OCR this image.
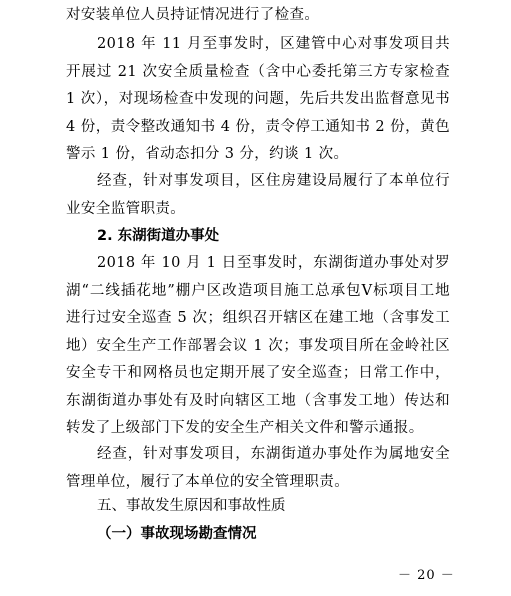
对安装单位人员持证情况进行了检查。

2018 年 11 月至事发时，区建管中心对事发项目共开展过 21 次安全质量检查（含中心委托第三方专家检查 1 次），对现场检查中发现的问题，先后共发出监督意见书 4 份，责令整改通知书 4 份，责令停工通知书 2 份，黄色警示 1 份，省动态扣分 3 分，约谈 1 次。

经查，针对事发项目，区住房建设局履行了本单位行业安全监管职责。

2. 东湖街道办事处

2018 年 10 月 1 日至事发时，东湖街道办事处对罗湖“二线插花地”棚户区改造项目施工总承包Ⅴ标项目工地进行过安全巡查 5 次；组织召开辖区在建工地（含事发工地）安全生产工作部署会议 1 次；事发项目所在金岭社区安全专干和网格员也定期开展了安全巡查；日常工作中，东湖街道办事处有及时向辖区工地（含事发工地）传达和转发了上级部门下发的安全生产相关文件和警示通报。

经查，针对事发项目，东湖街道办事处作为属地安全管理单位，履行了本单位的安全管理职责。

五、事故发生原因和事故性质

（一）事故现场勘查情况

－ 20 －
